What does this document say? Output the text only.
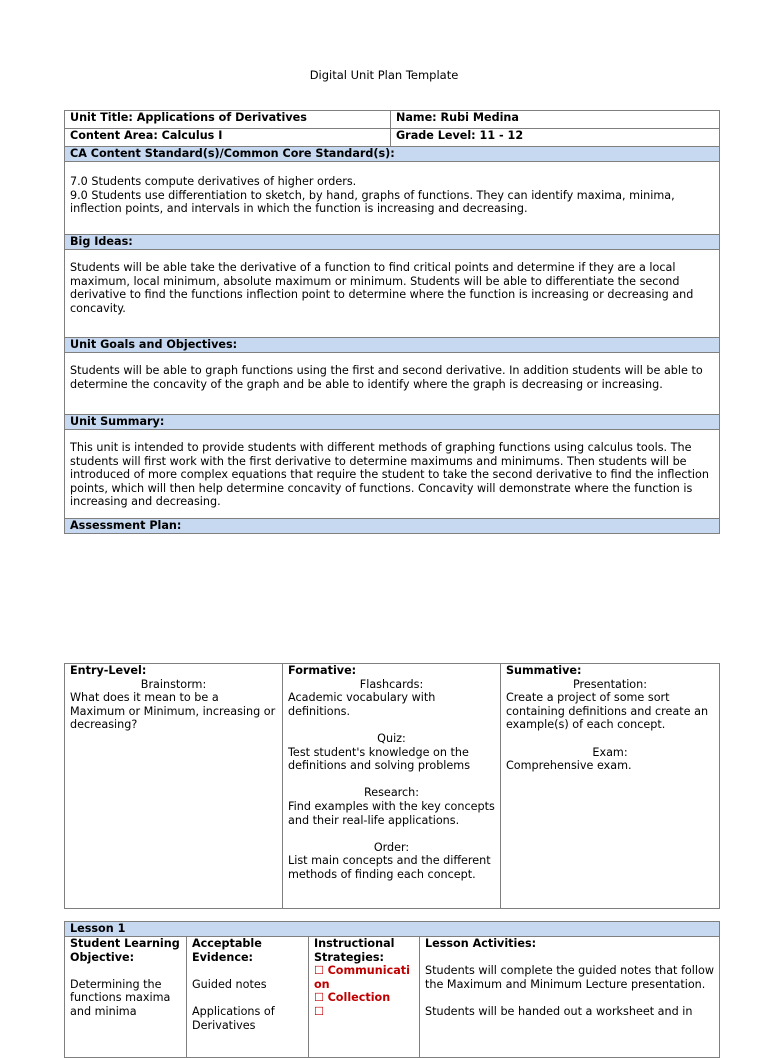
Digital Unit Plan Template
Unit Title: Applications of Derivatives	Name: Rubi Medina
Content Area: Calculus I	Grade Level: 11 - 12
CA Content Standard(s)/Common Core Standard(s):	

7.0 Students compute derivatives of higher orders.
9.0 Students use differentiation to sketch, by hand, graphs of functions. They can identify maxima, minima, inflection points, and intervals in which the function is increasing and decreasing.	

Big Ideas:	
Students will be able take the derivative of a function to find critical points and determine if they are a local maximum, local minimum, absolute maximum or minimum. Students will be able to differentiate the second derivative to find the functions inflection point to determine where the function is increasing or decreasing and concavity.	
Unit Goals and Objectives:	
Students will be able to graph functions using the first and second derivative. In addition students will be able to determine the concavity of the graph and be able to identify where the graph is decreasing or increasing.	
Unit Summary:	
This unit is intended to provide students with different methods of graphing functions using calculus tools. The students will first work with the first derivative to determine maximums and minimums. Then students will be introduced of more complex equations that require the student to take the second derivative to find the inflection points, which will then help determine concavity of functions. Concavity will demonstrate where the function is increasing and decreasing.	
Assessment Plan:	
Entry-Level:
Brainstorm:
What does it mean to be a Maximum or Minimum, increasing or decreasing?

Formative:
Flashcards:
Academic vocabulary with definitions.
Quiz:
Test student's knowledge on the definitions and solving problems
Research:
Find examples with the key concepts and their real-life applications.
Order:
List main concepts and the different methods of finding each concept.

Summative:
Presentation:
Create a project of some sort containing definitions and create an example(s) of each concept.
Exam:
Comprehensive exam.
Lesson 1

Student Learning Objective:
Determining the functions maxima and minima

Acceptable Evidence:
Guided notes
Applications of Derivatives

Instructional Strategies:
☐ Communication
☐ Collection
☐

Lesson Activities:
Students will complete the guided notes that follow the Maximum and Minimum Lecture presentation.
Students will be handed out a worksheet and in
